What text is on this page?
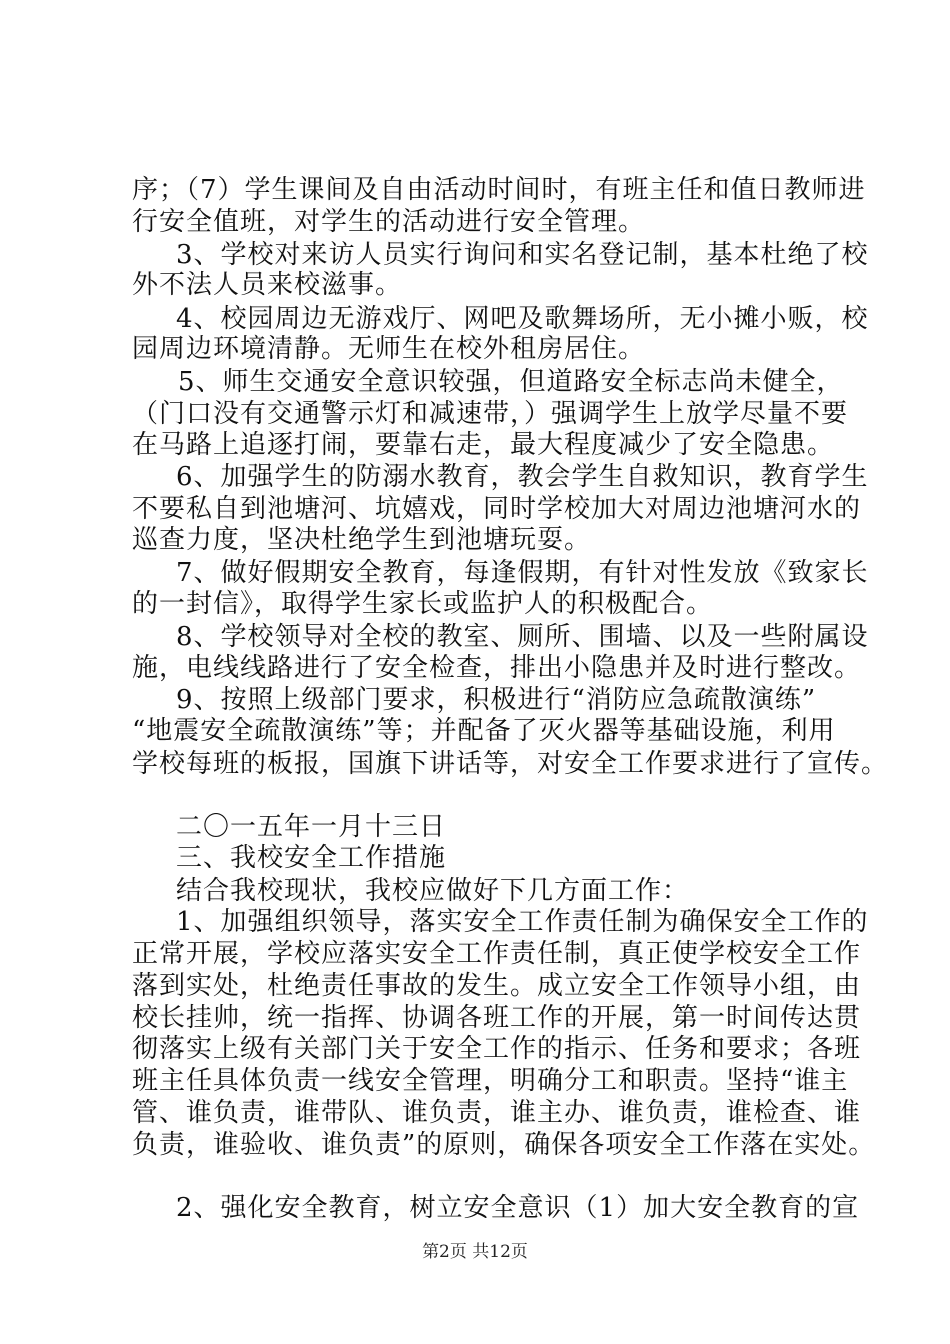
序；（7）学生课间及自由活动时间时，有班主任和值日教师进
行安全值班，对学生的活动进行安全管理。
3、学校对来访人员实行询问和实名登记制，基本杜绝了校
外不法人员来校滋事。
4、校园周边无游戏厅、网吧及歌舞场所，无小摊小贩，校
园周边环境清静。无师生在校外租房居住。
5、师生交通安全意识较强，但道路安全标志尚未健全，
（门口没有交通警示灯和减速带，）强调学生上放学尽量不要
在马路上追逐打闹，要靠右走，最大程度减少了安全隐患。
6、加强学生的防溺水教育，教会学生自救知识，教育学生
不要私自到池塘河、坑嬉戏，同时学校加大对周边池塘河水的
巡查力度，坚决杜绝学生到池塘玩耍。
7、做好假期安全教育，每逢假期，有针对性发放《致家长
的一封信》，取得学生家长或监护人的积极配合。
8、学校领导对全校的教室、厕所、围墙、以及一些附属设
施，电线线路进行了安全检查，排出小隐患并及时进行整改。
9、按照上级部门要求，积极进行“消防应急疏散演练”
“地震安全疏散演练”等；并配备了灭火器等基础设施，利用
学校每班的板报，国旗下讲话等，对安全工作要求进行了宣传。
二〇一五年一月十三日
三、我校安全工作措施
结合我校现状，我校应做好下几方面工作：
1、加强组织领导，落实安全工作责任制为确保安全工作的
正常开展，学校应落实安全工作责任制，真正使学校安全工作
落到实处，杜绝责任事故的发生。成立安全工作领导小组，由
校长挂帅，统一指挥、协调各班工作的开展，第一时间传达贯
彻落实上级有关部门关于安全工作的指示、任务和要求；各班
班主任具体负责一线安全管理，明确分工和职责。坚持“谁主
管、谁负责，谁带队、谁负责，谁主办、谁负责，谁检查、谁
负责，谁验收、谁负责”的原则，确保各项安全工作落在实处。
2、强化安全教育，树立安全意识（1）加大安全教育的宣
第2页 共12页
